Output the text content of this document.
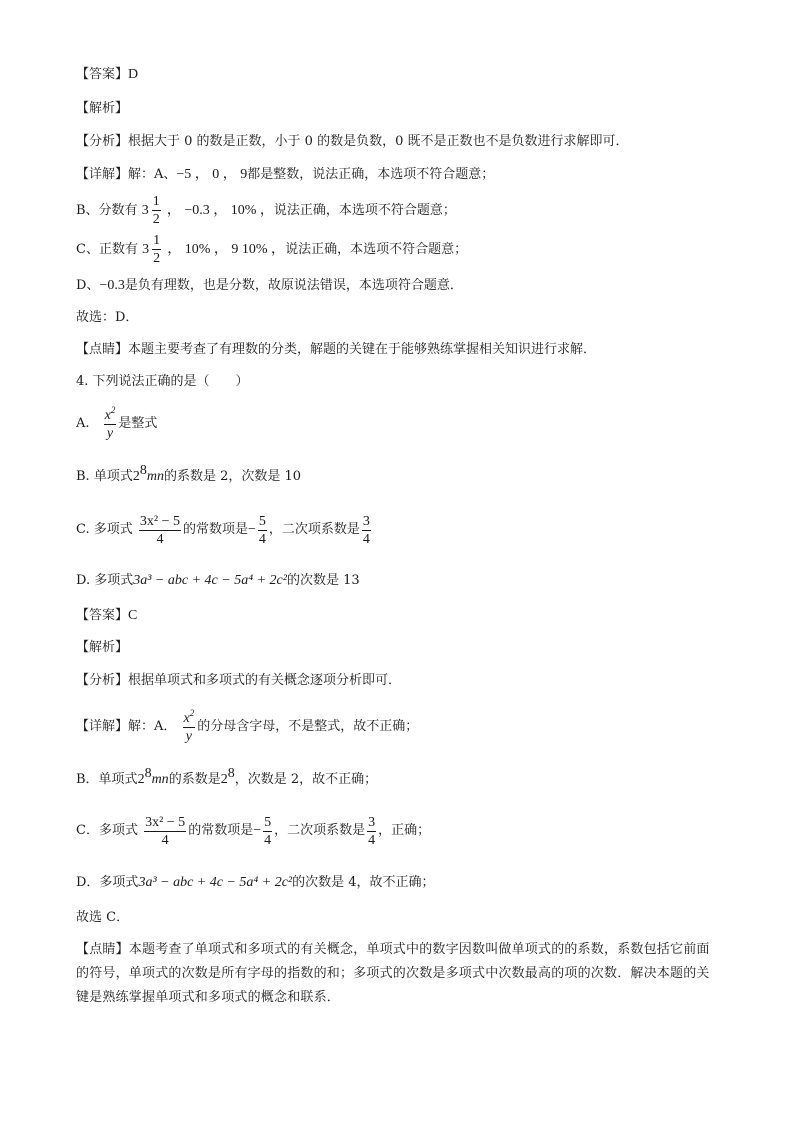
【答案】D
【解析】
【分析】根据大于 0 的数是正数，小于 0 的数是负数，0 既不是正数也不是负数进行求解即可．
【详解】解：A、−5 ， 0 ， 9都是整数，说法正确，本选项不符合题意；
B、分数有 $3 \frac{1}{2}$ ， −0.3 ， 10% ，说法正确，本选项不符合题意；
C、正数有 $3 \frac{1}{2}$ ， 10% ， 9 10% ，说法正确，本选项不符合题意；
D、−0.3是负有理数，也是分数，故原说法错误，本选项符合题意．
故选：D．
【点睛】本题主要考查了有理数的分类，解题的关键在于能够熟练掌握相关知识进行求解．
4. 下列说法正确的是（　　）
A. $\frac{x^2}{y}$ 是整式
B. 单项式$2^8mn$的系数是 2，次数是 10
C. 多项式 $\frac{\text{3x² − 5}}{4}$ 的常数项是− $\frac{5}{4}$ ，二次项系数是 $\frac{3}{4}$
D. 多项式3a³ − abc + 4c − 5a⁴ + 2c²的次数是 13
【答案】C
【解析】
【分析】根据单项式和多项式的有关概念逐项分析即可．
【详解】解：A． $\frac{x^2}{y}$ 的分母含字母，不是整式，故不正确；
B．单项式$2^8mn$的系数是$2^8$，次数是 2，故不正确；
C．多项式 $\frac{\text{3x² − 5}}{4}$ 的常数项是− $\frac{5}{4}$ ，二次项系数是 $\frac{3}{4}$ ，正确；
D．多项式3a³ − abc + 4c − 5a⁴ + 2c²的次数是 4，故不正确；
故选 C．
【点睛】本题考查了单项式和多项式的有关概念，单项式中的数字因数叫做单项式的的系数，系数包括它前面的符号，单项式的次数是所有字母的指数的和；多项式的次数是多项式中次数最高的项的次数．解决本题的关键是熟练掌握单项式和多项式的概念和联系．
